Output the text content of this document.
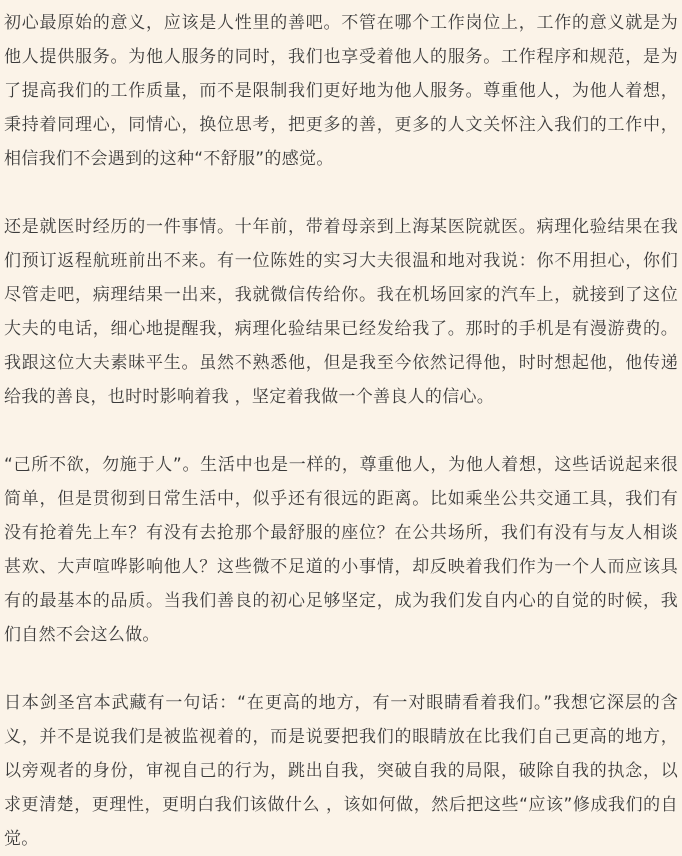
初心最原始的意义，应该是人性里的善吧。不管在哪个工作岗位上，工作的意义就是为他人提供服务。为他人服务的同时，我们也享受着他人的服务。工作程序和规范，是为了提高我们的工作质量，而不是限制我们更好地为他人服务。尊重他人，为他人着想，秉持着同理心，同情心，换位思考，把更多的善，更多的人文关怀注入我们的工作中，相信我们不会遇到的这种“不舒服”的感觉。

还是就医时经历的一件事情。十年前，带着母亲到上海某医院就医。病理化验结果在我们预订返程航班前出不来。有一位陈姓的实习大夫很温和地对我说：你不用担心，你们尽管走吧，病理结果一出来，我就微信传给你。我在机场回家的汽车上，就接到了这位大夫的电话，细心地提醒我，病理化验结果已经发给我了。那时的手机是有漫游费的。我跟这位大夫素昧平生。虽然不熟悉他，但是我至今依然记得他，时时想起他，他传递给我的善良，也时时影响着我 ，坚定着我做一个善良人的信心。

“己所不欲，勿施于人”。生活中也是一样的，尊重他人，为他人着想，这些话说起来很简单，但是贯彻到日常生活中，似乎还有很远的距离。比如乘坐公共交通工具，我们有没有抢着先上车？有没有去抢那个最舒服的座位？在公共场所，我们有没有与友人相谈甚欢、大声喧哗影响他人？这些微不足道的小事情，却反映着我们作为一个人而应该具有的最基本的品质。当我们善良的初心足够坚定，成为我们发自内心的自觉的时候，我们自然不会这么做。

日本剑圣宫本武藏有一句话：“在更高的地方，有一对眼睛看着我们。”我想它深层的含义，并不是说我们是被监视着的，而是说要把我们的眼睛放在比我们自己更高的地方，以旁观者的身份，审视自己的行为，跳出自我，突破自我的局限，破除自我的执念，以求更清楚，更理性，更明白我们该做什么 ，该如何做，然后把这些“应该”修成我们的自觉。
